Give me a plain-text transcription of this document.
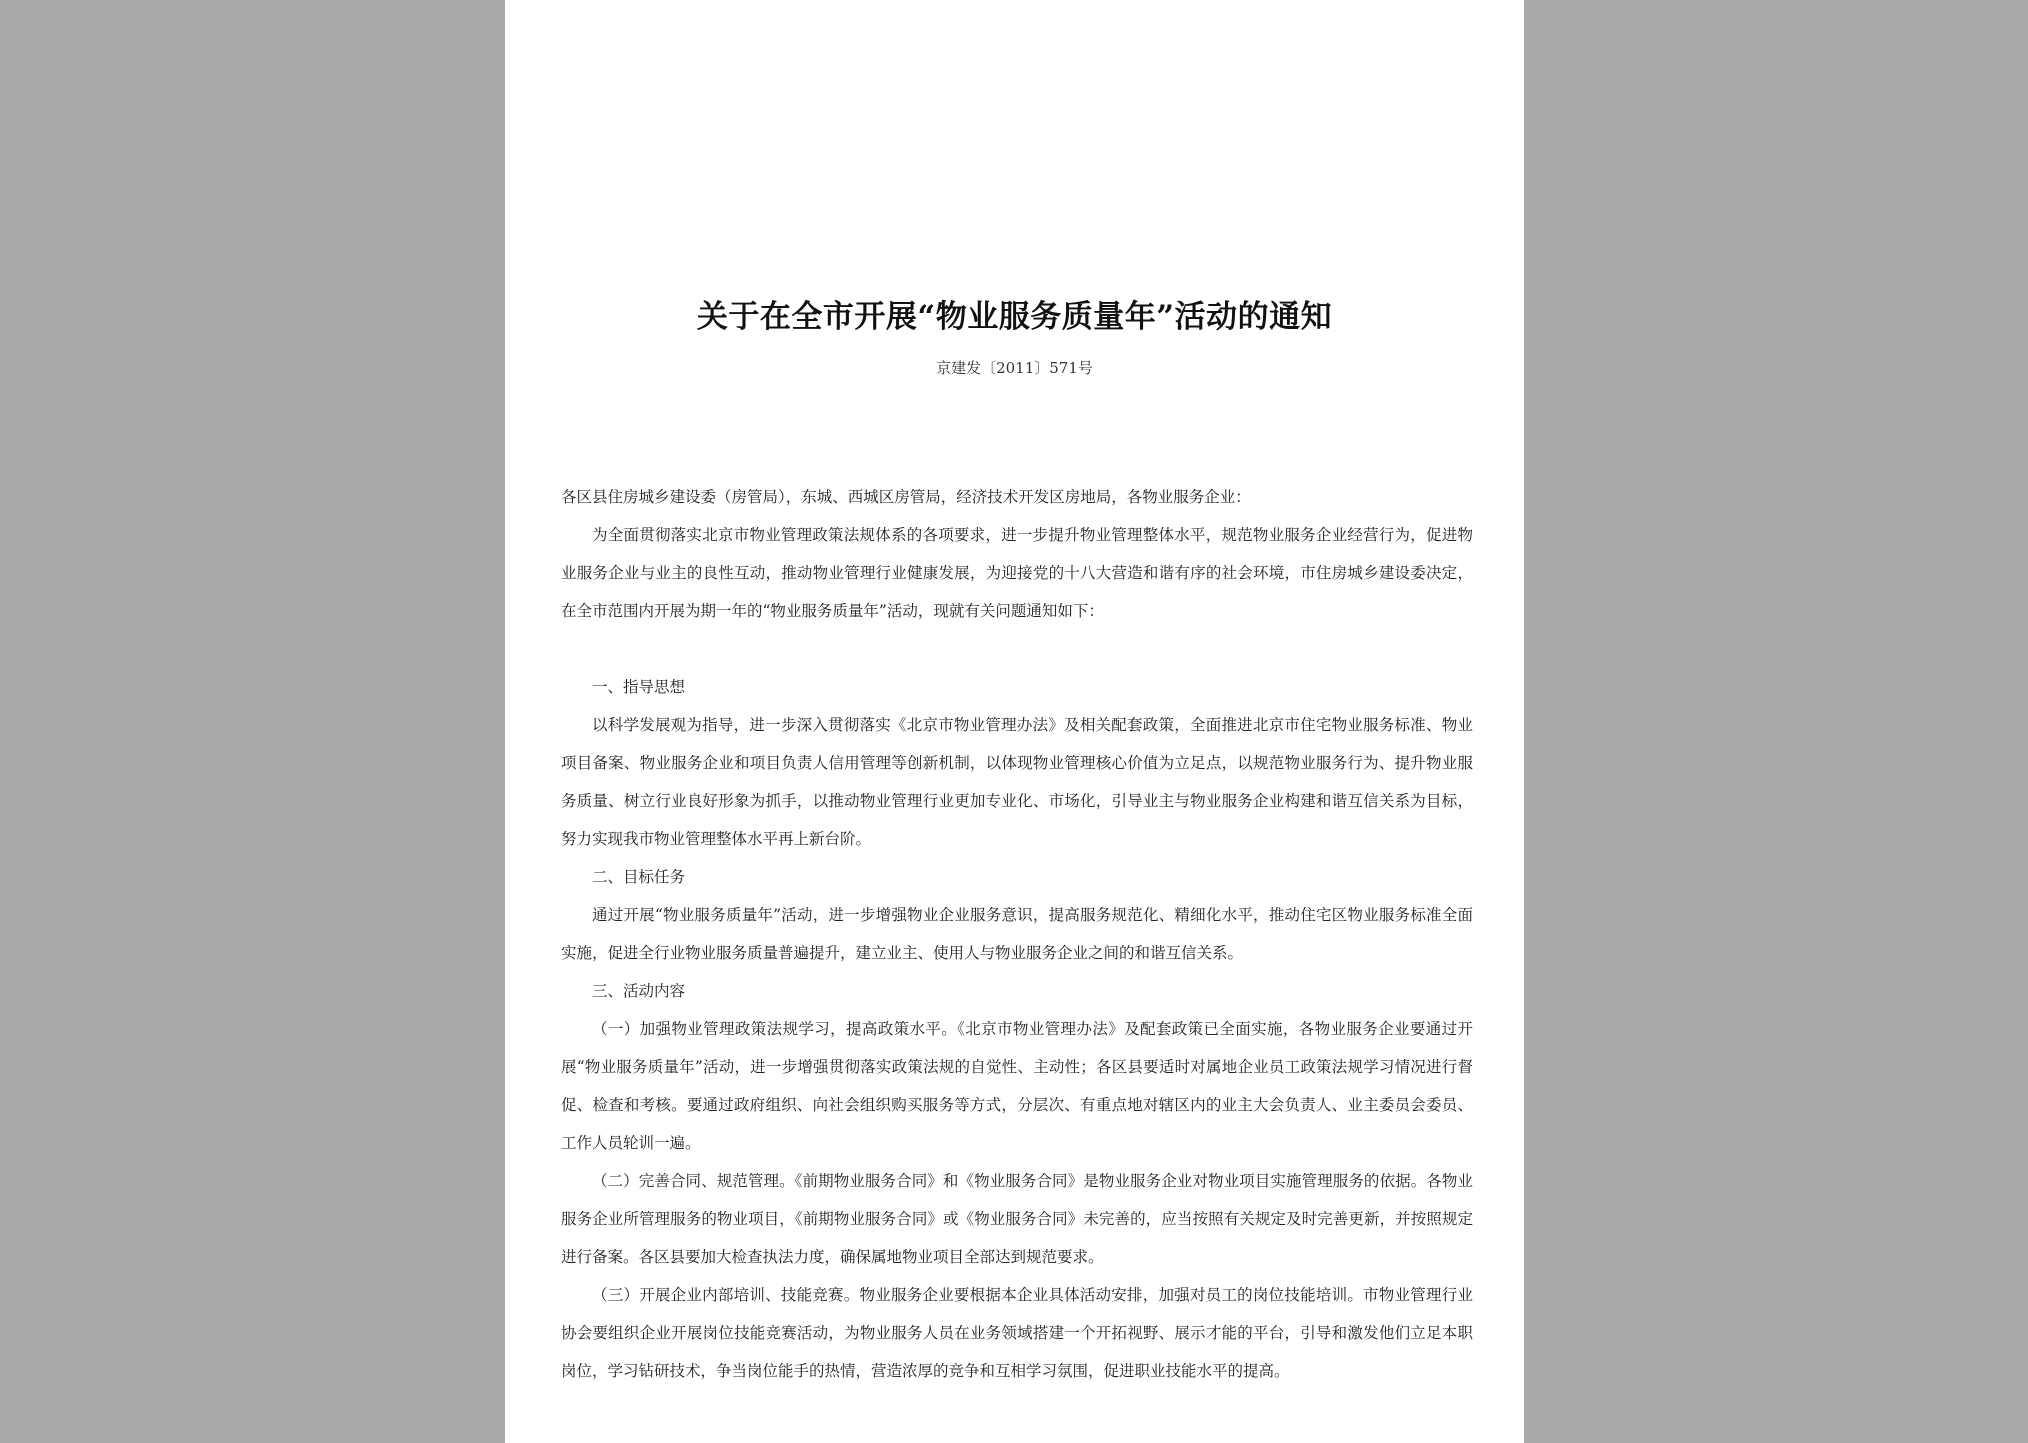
关于在全市开展“物业服务质量年”活动的通知
京建发〔2011〕571号

各区县住房城乡建设委（房管局），东城、西城区房管局，经济技术开发区房地局，各物业服务企业：

为全面贯彻落实北京市物业管理政策法规体系的各项要求，进一步提升物业管理整体水平，规范物业服务企业经营行为，促进物业服务企业与业主的良性互动，推动物业管理行业健康发展，为迎接党的十八大营造和谐有序的社会环境，市住房城乡建设委决定，在全市范围内开展为期一年的“物业服务质量年”活动，现就有关问题通知如下：

一、指导思想

以科学发展观为指导，进一步深入贯彻落实《北京市物业管理办法》及相关配套政策，全面推进北京市住宅物业服务标准、物业项目备案、物业服务企业和项目负责人信用管理等创新机制，以体现物业管理核心价值为立足点，以规范物业服务行为、提升物业服务质量、树立行业良好形象为抓手，以推动物业管理行业更加专业化、市场化，引导业主与物业服务企业构建和谐互信关系为目标，努力实现我市物业管理整体水平再上新台阶。

二、目标任务

通过开展“物业服务质量年”活动，进一步增强物业企业服务意识，提高服务规范化、精细化水平，推动住宅区物业服务标准全面实施，促进全行业物业服务质量普遍提升，建立业主、使用人与物业服务企业之间的和谐互信关系。

三、活动内容

（一）加强物业管理政策法规学习，提高政策水平。《北京市物业管理办法》及配套政策已全面实施，各物业服务企业要通过开展“物业服务质量年”活动，进一步增强贯彻落实政策法规的自觉性、主动性；各区县要适时对属地企业员工政策法规学习情况进行督促、检查和考核。要通过政府组织、向社会组织购买服务等方式，分层次、有重点地对辖区内的业主大会负责人、业主委员会委员、工作人员轮训一遍。

（二）完善合同、规范管理。《前期物业服务合同》和《物业服务合同》是物业服务企业对物业项目实施管理服务的依据。各物业服务企业所管理服务的物业项目，《前期物业服务合同》或《物业服务合同》未完善的，应当按照有关规定及时完善更新，并按照规定进行备案。各区县要加大检查执法力度，确保属地物业项目全部达到规范要求。

（三）开展企业内部培训、技能竞赛。物业服务企业要根据本企业具体活动安排，加强对员工的岗位技能培训。市物业管理行业协会要组织企业开展岗位技能竞赛活动，为物业服务人员在业务领域搭建一个开拓视野、展示才能的平台，引导和激发他们立足本职岗位，学习钻研技术，争当岗位能手的热情，营造浓厚的竞争和互相学习氛围，促进职业技能水平的提高。
